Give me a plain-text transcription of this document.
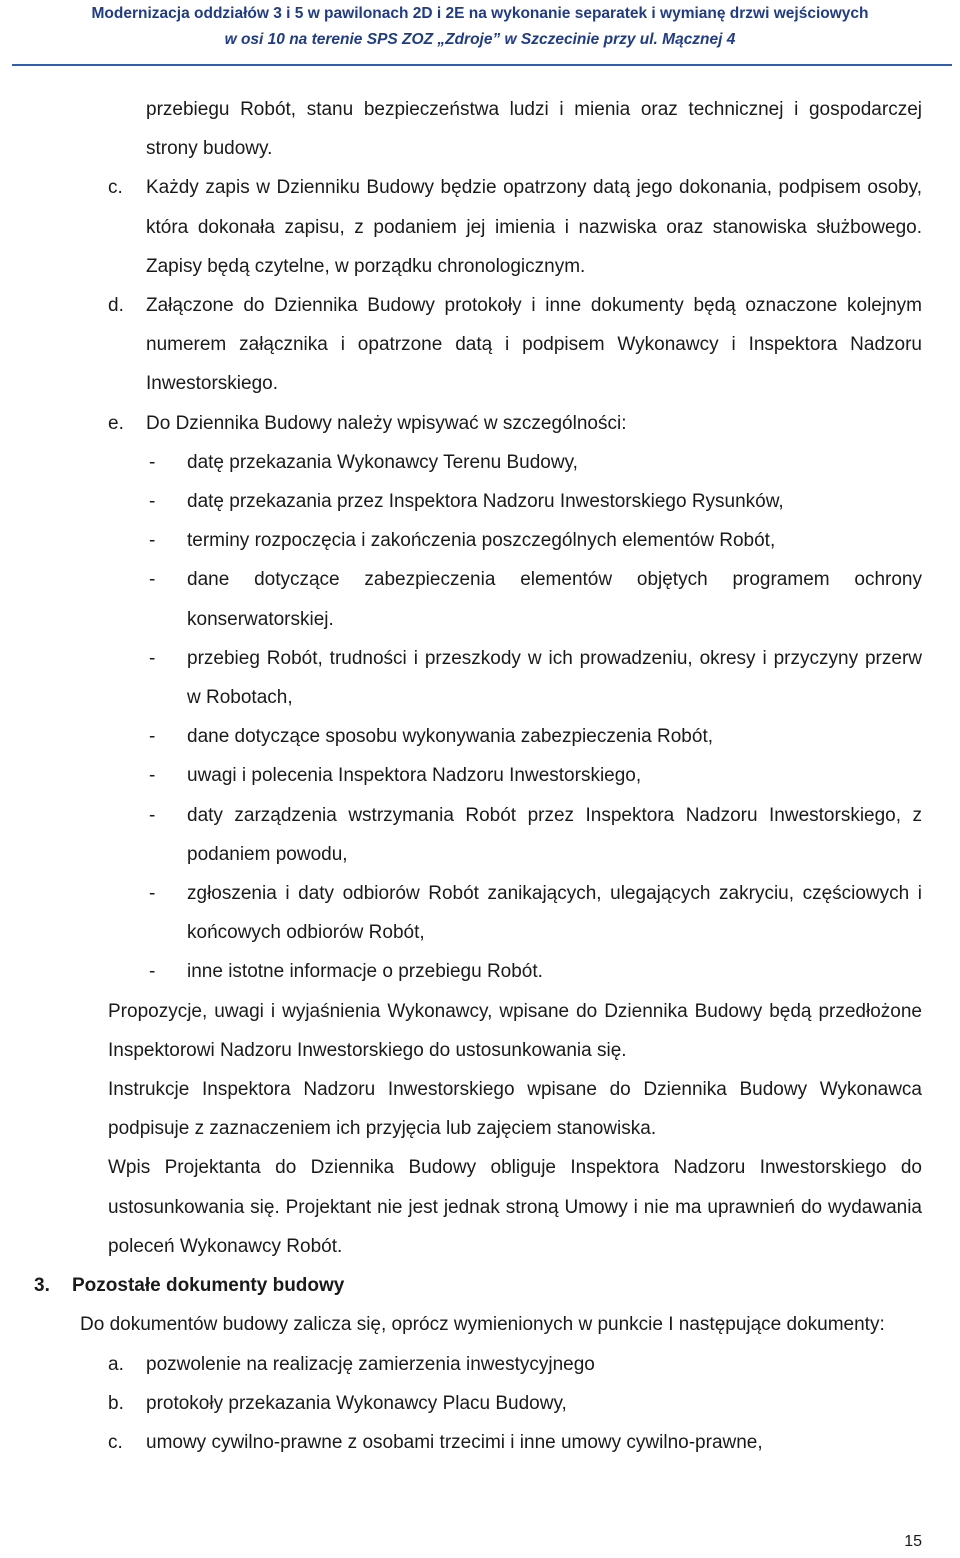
Modernizacja oddziałów 3 i 5 w pawilonach 2D i 2E na wykonanie separatek i wymianę drzwi wejściowych
w osi 10 na terenie SPS ZOZ „Zdroje” w Szczecinie przy ul. Mącznej 4
przebiegu Robót, stanu bezpieczeństwa ludzi i mienia oraz technicznej i gospodarczej strony budowy.
c. Każdy zapis w Dzienniku Budowy będzie opatrzony datą jego dokonania, podpisem osoby, która dokonała zapisu, z podaniem jej imienia i nazwiska oraz stanowiska służbowego. Zapisy będą czytelne, w porządku chronologicznym.
d. Załączone do Dziennika Budowy protokoły i inne dokumenty będą oznaczone kolejnym numerem załącznika i opatrzone datą i podpisem Wykonawcy i Inspektora Nadzoru Inwestorskiego.
e. Do Dziennika Budowy należy wpisywać w szczególności:
- datę przekazania Wykonawcy Terenu Budowy,
- datę przekazania przez Inspektora Nadzoru Inwestorskiego Rysunków,
- terminy rozpoczęcia i zakończenia poszczególnych elementów Robót,
- dane dotyczące zabezpieczenia elementów objętych programem ochrony konserwatorskiej.
- przebieg Robót, trudności i przeszkody w ich prowadzeniu, okresy i przyczyny przerw w Robotach,
- dane dotyczące sposobu wykonywania zabezpieczenia Robót,
- uwagi i polecenia Inspektora Nadzoru Inwestorskiego,
- daty zarządzenia wstrzymania Robót przez Inspektora Nadzoru Inwestorskiego, z podaniem powodu,
- zgłoszenia i daty odbiorów Robót zanikających, ulegających zakryciu, częściowych i końcowych odbiorów Robót,
- inne istotne informacje o przebiegu Robót.
Propozycje, uwagi i wyjaśnienia Wykonawcy, wpisane do Dziennika Budowy będą przedłożone Inspektorowi Nadzoru Inwestorskiego do ustosunkowania się.
Instrukcje Inspektora Nadzoru Inwestorskiego wpisane do Dziennika Budowy Wykonawca podpisuje z zaznaczeniem ich przyjęcia lub zajęciem stanowiska.
Wpis Projektanta do Dziennika Budowy obliguje Inspektora Nadzoru Inwestorskiego do ustosunkowania się. Projektant nie jest jednak stroną Umowy i nie ma uprawnień do wydawania poleceń Wykonawcy Robót.
3. Pozostałe dokumenty budowy
Do dokumentów budowy zalicza się, oprócz wymienionych w punkcie I następujące dokumenty:
a. pozwolenie na realizację zamierzenia inwestycyjnego
b. protokoły przekazania Wykonawcy Placu Budowy,
c. umowy cywilno-prawne z osobami trzecimi i inne umowy cywilno-prawne,
15
